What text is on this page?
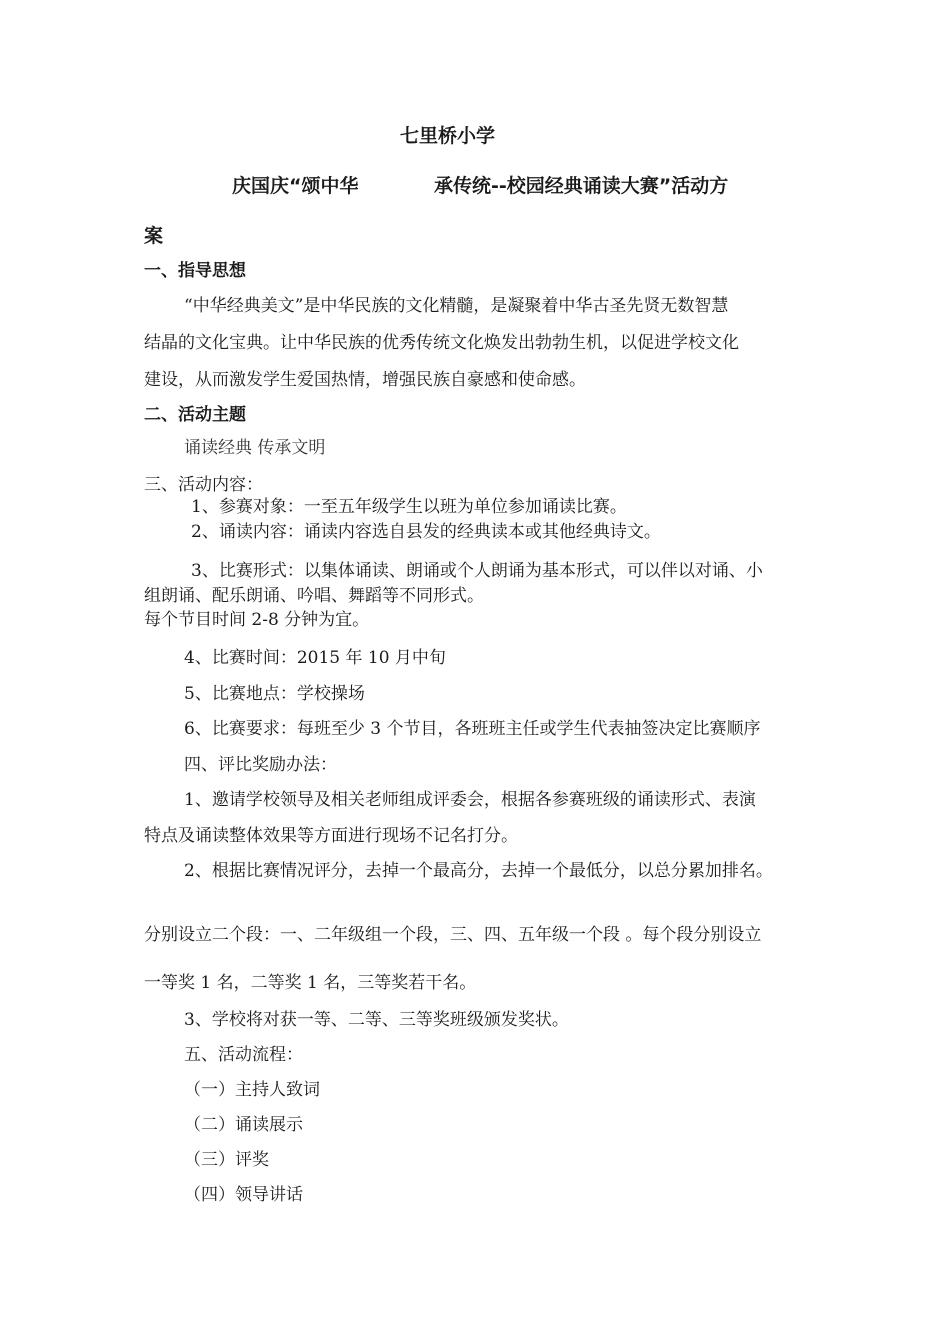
七里桥小学
庆国庆“颂中华	承传统--校园经典诵读大赛”活动方
案
一、指导思想
“中华经典美文”是中华民族的文化精髓，是凝聚着中华古圣先贤无数智慧
结晶的文化宝典。让中华民族的优秀传统文化焕发出勃勃生机，以促进学校文化
建设，从而激发学生爱国热情，增强民族自豪感和使命感。
二、活动主题
诵读经典 传承文明
三、活动内容：
1、参赛对象：一至五年级学生以班为单位参加诵读比赛。
2、诵读内容：诵读内容选自县发的经典读本或其他经典诗文。
3、比赛形式：以集体诵读、朗诵或个人朗诵为基本形式，可以伴以对诵、小
组朗诵、配乐朗诵、吟唱、舞蹈等不同形式。
每个节目时间 2-8 分钟为宜。
4、比赛时间：2015 年 10 月中旬
5、比赛地点：学校操场
6、比赛要求：每班至少 3 个节目，各班班主任或学生代表抽签决定比赛顺序
四、评比奖励办法：
1、邀请学校领导及相关老师组成评委会，根据各参赛班级的诵读形式、表演
特点及诵读整体效果等方面进行现场不记名打分。
2、根据比赛情况评分，去掉一个最高分，去掉一个最低分，以总分累加排名。
分别设立二个段：一、二年级组一个段，三、四、五年级一个段 。每个段分别设立
一等奖 1 名，二等奖 1 名，三等奖若干名。
3、学校将对获一等、二等、三等奖班级颁发奖状。
五、活动流程：
（一）主持人致词
（二）诵读展示
（三）评奖
（四）领导讲话
